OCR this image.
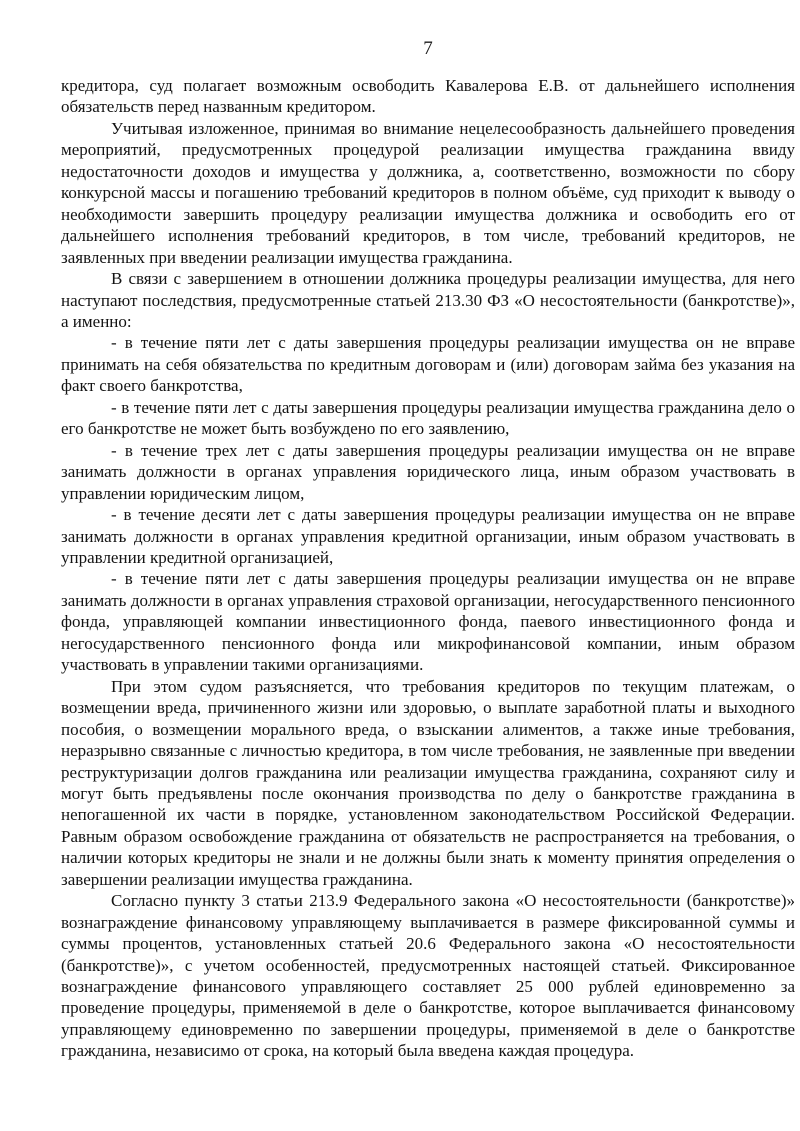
7

кредитора, суд полагает возможным освободить Кавалерова Е.В. от дальнейшего исполнения обязательств перед названным кредитором.

Учитывая изложенное, принимая во внимание нецелесообразность дальнейшего проведения мероприятий, предусмотренных процедурой реализации имущества гражданина ввиду недостаточности доходов и имущества у должника, а, соответственно, возможности по сбору конкурсной массы и погашению требований кредиторов в полном объёме, суд приходит к выводу о необходимости завершить процедуру реализации имущества должника и освободить его от дальнейшего исполнения требований кредиторов, в том числе, требований кредиторов, не заявленных при введении реализации имущества гражданина.

В связи с завершением в отношении должника процедуры реализации имущества, для него наступают последствия, предусмотренные статьей 213.30 ФЗ «О несостоятельности (банкротстве)», а именно:

- в течение пяти лет с даты завершения процедуры реализации имущества он не вправе принимать на себя обязательства по кредитным договорам и (или) договорам займа без указания на факт своего банкротства,

- в течение пяти лет с даты завершения процедуры реализации имущества гражданина дело о его банкротстве не может быть возбуждено по его заявлению,

- в течение трех лет с даты завершения процедуры реализации имущества он не вправе занимать должности в органах управления юридического лица, иным образом участвовать в управлении юридическим лицом,

- в течение десяти лет с даты завершения процедуры реализации имущества он не вправе занимать должности в органах управления кредитной организации, иным образом участвовать в управлении кредитной организацией,

- в течение пяти лет с даты завершения процедуры реализации имущества он не вправе занимать должности в органах управления страховой организации, негосударственного пенсионного фонда, управляющей компании инвестиционного фонда, паевого инвестиционного фонда и негосударственного пенсионного фонда или микрофинансовой компании, иным образом участвовать в управлении такими организациями.

При этом судом разъясняется, что требования кредиторов по текущим платежам, о возмещении вреда, причиненного жизни или здоровью, о выплате заработной платы и выходного пособия, о возмещении морального вреда, о взыскании алиментов, а также иные требования, неразрывно связанные с личностью кредитора, в том числе требования, не заявленные при введении реструктуризации долгов гражданина или реализации имущества гражданина, сохраняют силу и могут быть предъявлены после окончания производства по делу о банкротстве гражданина в непогашенной их части в порядке, установленном законодательством Российской Федерации. Равным образом освобождение гражданина от обязательств не распространяется на требования, о наличии которых кредиторы не знали и не должны были знать к моменту принятия определения о завершении реализации имущества гражданина.

Согласно пункту 3 статьи 213.9 Федерального закона «О несостоятельности (банкротстве)» вознаграждение финансовому управляющему выплачивается в размере фиксированной суммы и суммы процентов, установленных статьей 20.6 Федерального закона «О несостоятельности (банкротстве)», с учетом особенностей, предусмотренных настоящей статьей. Фиксированное вознаграждение финансового управляющего составляет 25 000 рублей единовременно за проведение процедуры, применяемой в деле о банкротстве, которое выплачивается финансовому управляющему единовременно по завершении процедуры, применяемой в деле о банкротстве гражданина, независимо от срока, на который была введена каждая процедура.
